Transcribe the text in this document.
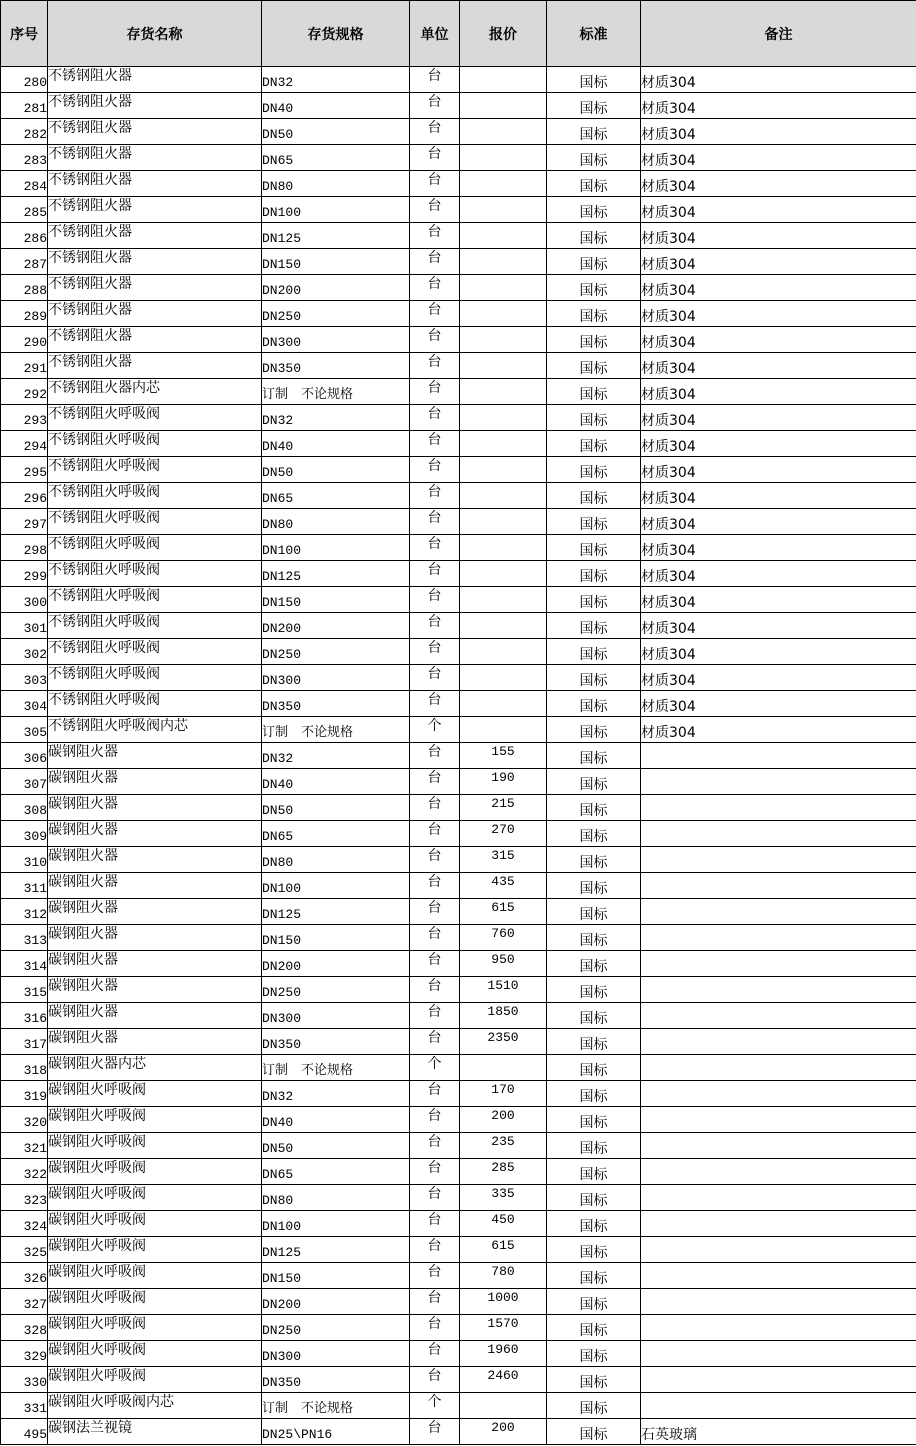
序号	存货名称	存货规格	单位	报价	标准	备注
280	不锈钢阻火器	DN32	台		国标	材质304
281	不锈钢阻火器	DN40	台		国标	材质304
282	不锈钢阻火器	DN50	台		国标	材质304
283	不锈钢阻火器	DN65	台		国标	材质304
284	不锈钢阻火器	DN80	台		国标	材质304
285	不锈钢阻火器	DN100	台		国标	材质304
286	不锈钢阻火器	DN125	台		国标	材质304
287	不锈钢阻火器	DN150	台		国标	材质304
288	不锈钢阻火器	DN200	台		国标	材质304
289	不锈钢阻火器	DN250	台		国标	材质304
290	不锈钢阻火器	DN300	台		国标	材质304
291	不锈钢阻火器	DN350	台		国标	材质304
292	不锈钢阻火器内芯	订制　不论规格	台		国标	材质304
293	不锈钢阻火呼吸阀	DN32	台		国标	材质304
294	不锈钢阻火呼吸阀	DN40	台		国标	材质304
295	不锈钢阻火呼吸阀	DN50	台		国标	材质304
296	不锈钢阻火呼吸阀	DN65	台		国标	材质304
297	不锈钢阻火呼吸阀	DN80	台		国标	材质304
298	不锈钢阻火呼吸阀	DN100	台		国标	材质304
299	不锈钢阻火呼吸阀	DN125	台		国标	材质304
300	不锈钢阻火呼吸阀	DN150	台		国标	材质304
301	不锈钢阻火呼吸阀	DN200	台		国标	材质304
302	不锈钢阻火呼吸阀	DN250	台		国标	材质304
303	不锈钢阻火呼吸阀	DN300	台		国标	材质304
304	不锈钢阻火呼吸阀	DN350	台		国标	材质304
305	不锈钢阻火呼吸阀内芯	订制　不论规格	个		国标	材质304
306	碳钢阻火器	DN32	台	155	国标	
307	碳钢阻火器	DN40	台	190	国标	
308	碳钢阻火器	DN50	台	215	国标	
309	碳钢阻火器	DN65	台	270	国标	
310	碳钢阻火器	DN80	台	315	国标	
311	碳钢阻火器	DN100	台	435	国标	
312	碳钢阻火器	DN125	台	615	国标	
313	碳钢阻火器	DN150	台	760	国标	
314	碳钢阻火器	DN200	台	950	国标	
315	碳钢阻火器	DN250	台	1510	国标	
316	碳钢阻火器	DN300	台	1850	国标	
317	碳钢阻火器	DN350	台	2350	国标	
318	碳钢阻火器内芯	订制　不论规格	个		国标	
319	碳钢阻火呼吸阀	DN32	台	170	国标	
320	碳钢阻火呼吸阀	DN40	台	200	国标	
321	碳钢阻火呼吸阀	DN50	台	235	国标	
322	碳钢阻火呼吸阀	DN65	台	285	国标	
323	碳钢阻火呼吸阀	DN80	台	335	国标	
324	碳钢阻火呼吸阀	DN100	台	450	国标	
325	碳钢阻火呼吸阀	DN125	台	615	国标	
326	碳钢阻火呼吸阀	DN150	台	780	国标	
327	碳钢阻火呼吸阀	DN200	台	1000	国标	
328	碳钢阻火呼吸阀	DN250	台	1570	国标	
329	碳钢阻火呼吸阀	DN300	台	1960	国标	
330	碳钢阻火呼吸阀	DN350	台	2460	国标	
331	碳钢阻火呼吸阀内芯	订制　不论规格	个		国标	
495	碳钢法兰视镜	DN25\PN16	台	200	国标	石英玻璃
